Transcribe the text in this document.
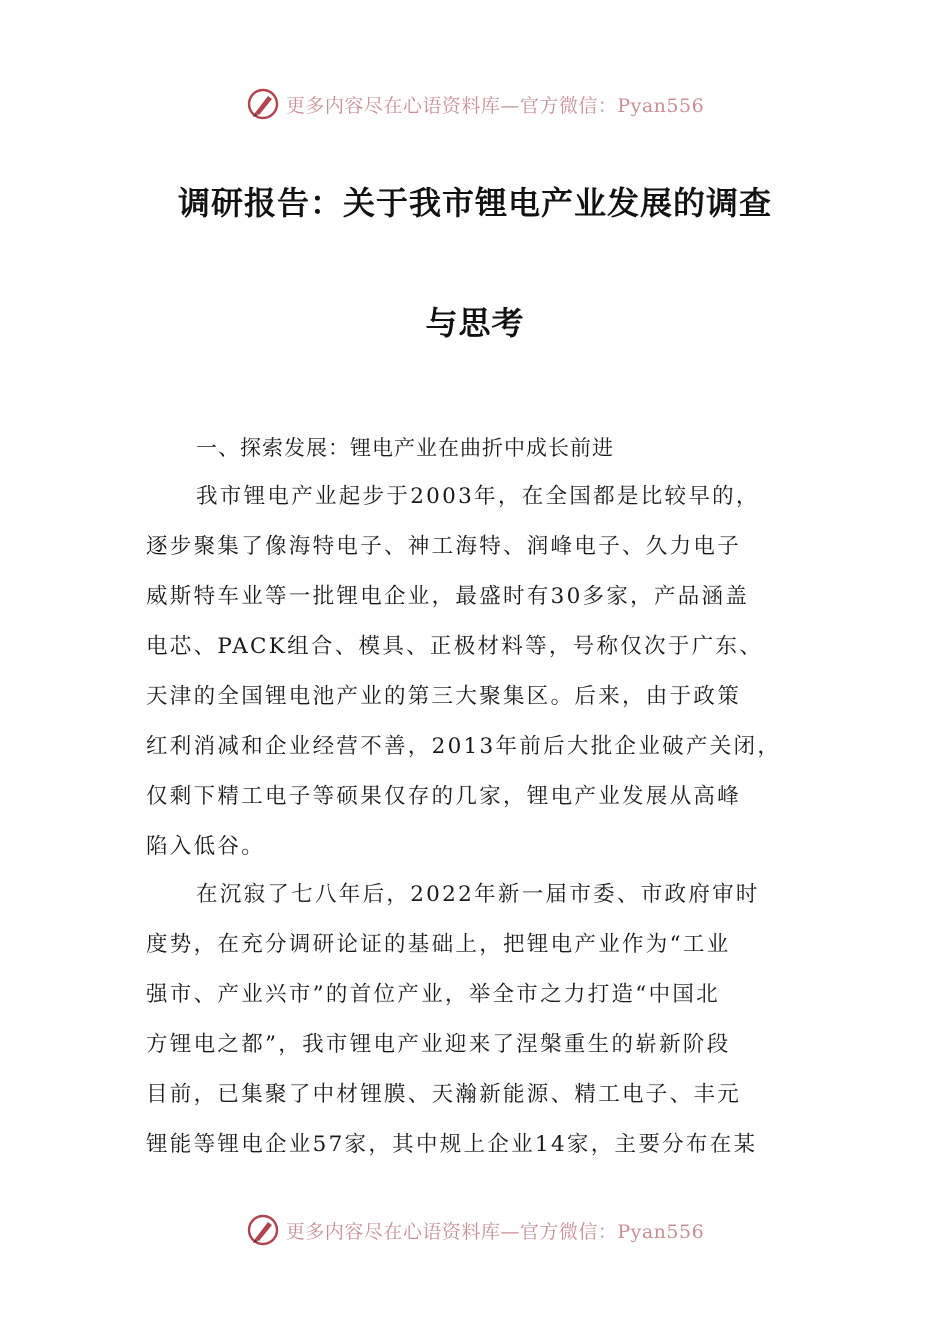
更多内容尽在心语资料库—官方微信：Pyan556
调研报告：关于我市锂电产业发展的调查
与思考
一、探索发展：锂电产业在曲折中成长前进
我市锂电产业起步于2003年，在全国都是比较早的，
逐步聚集了像海特电子、神工海特、润峰电子、久力电子
威斯特车业等一批锂电企业，最盛时有30多家，产品涵盖
电芯、PACK组合、模具、正极材料等，号称仅次于广东、
天津的全国锂电池产业的第三大聚集区。后来，由于政策
红利消减和企业经营不善，2013年前后大批企业破产关闭，
仅剩下精工电子等硕果仅存的几家，锂电产业发展从高峰
陷入低谷。
在沉寂了七八年后，2022年新一届市委、市政府审时
度势，在充分调研论证的基础上，把锂电产业作为“工业
强市、产业兴市”的首位产业，举全市之力打造“中国北
方锂电之都”，我市锂电产业迎来了涅槃重生的崭新阶段
目前，已集聚了中材锂膜、天瀚新能源、精工电子、丰元
锂能等锂电企业57家，其中规上企业14家，主要分布在某
更多内容尽在心语资料库—官方微信：Pyan556
